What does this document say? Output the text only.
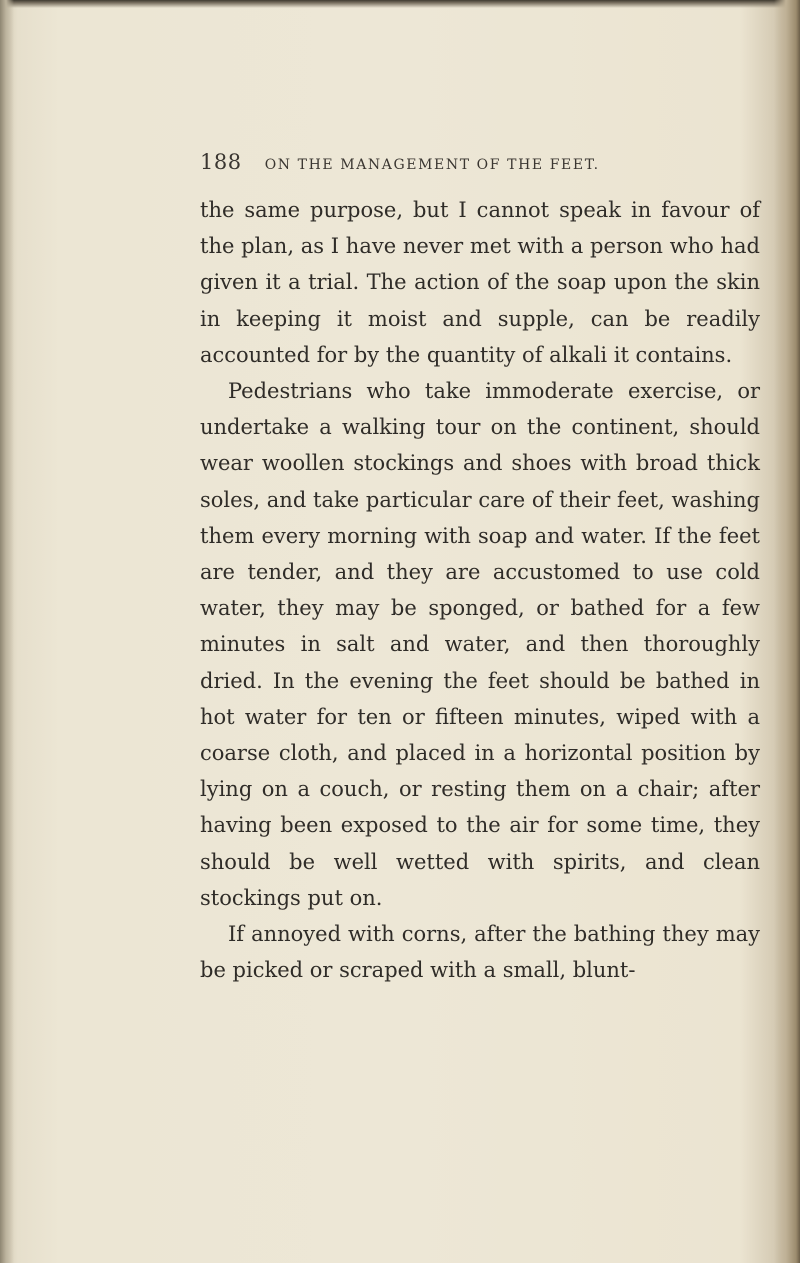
188 ON THE MANAGEMENT OF THE FEET.

the same purpose, but I cannot speak in favour of the plan, as I have never met with a person who had given it a trial. The action of the soap upon the skin in keeping it moist and supple, can be readily accounted for by the quantity of alkali it contains.

Pedestrians who take immoderate exercise, or undertake a walking tour on the continent, should wear woollen stockings and shoes with broad thick soles, and take particular care of their feet, washing them every morning with soap and water. If the feet are tender, and they are accustomed to use cold water, they may be sponged, or bathed for a few minutes in salt and water, and then thoroughly dried. In the evening the feet should be bathed in hot water for ten or fifteen minutes, wiped with a coarse cloth, and placed in a horizontal position by lying on a couch, or resting them on a chair; after having been exposed to the air for some time, they should be well wetted with spirits, and clean stockings put on.

If annoyed with corns, after the bathing they may be picked or scraped with a small, blunt-
